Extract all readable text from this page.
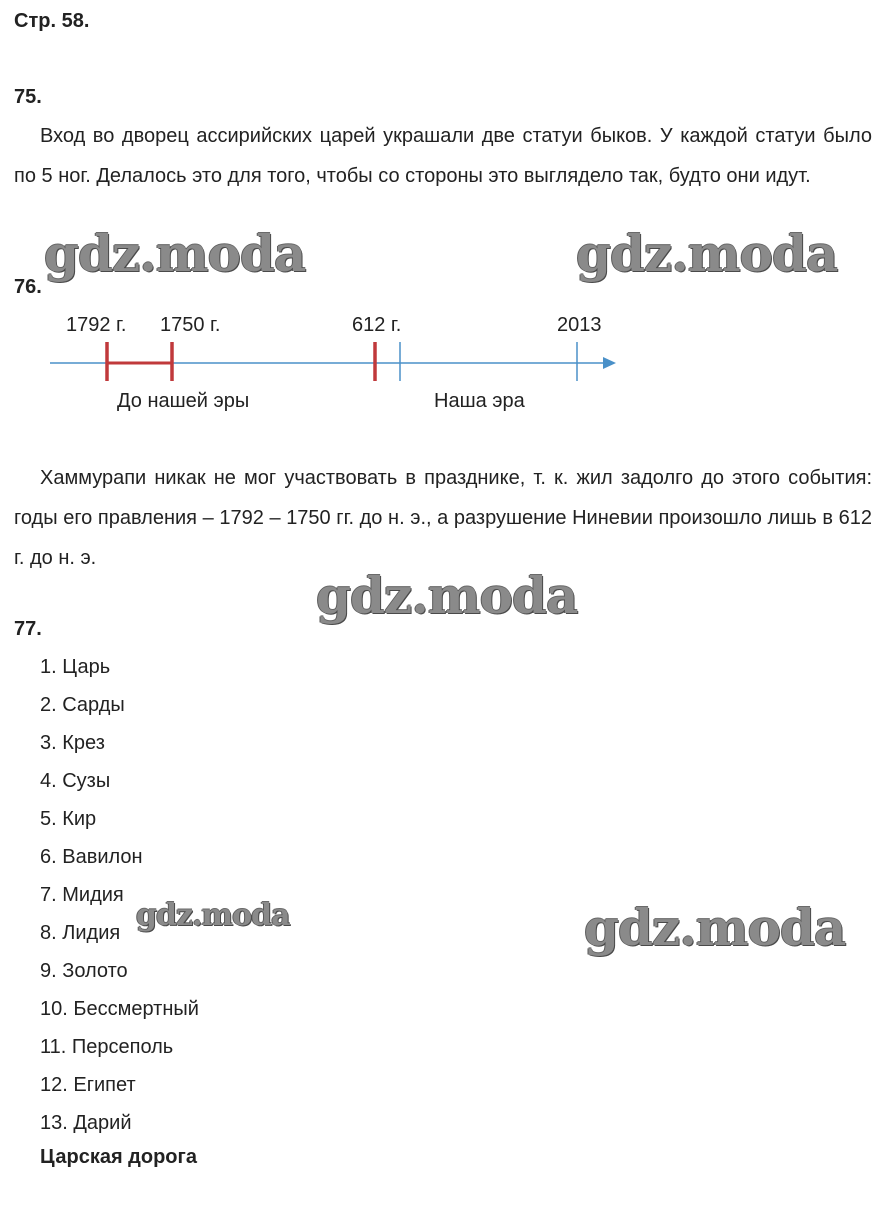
Стр. 58.
75.

Вход во дворец ассирийских царей украшали две статуи быков. У каждой статуи было по 5 ног. Делалось это для того, чтобы со стороны это выглядело так, будто они идут.

gdz.moda	gdz.moda
76.
1792 г. 1750 г.	612 г.	2013
До нашей эры	Наша эра

Хаммурапи никак не мог участвовать в празднике, т. к. жил задолго до этого события: годы его правления – 1792 – 1750 гг. до н. э., а разрушение Ниневии произошло лишь в 612 г. до н. э.

gdz.moda
77.
1. Царь
2. Сарды
3. Крез
4. Сузы
5. Кир
6. Вавилон
7. Мидия
8. Лидия
9. Золото
10. Бессмертный
11. Персеполь
12. Египет
13. Дарий
Царская дорога
gdz.moda	gdz.moda
